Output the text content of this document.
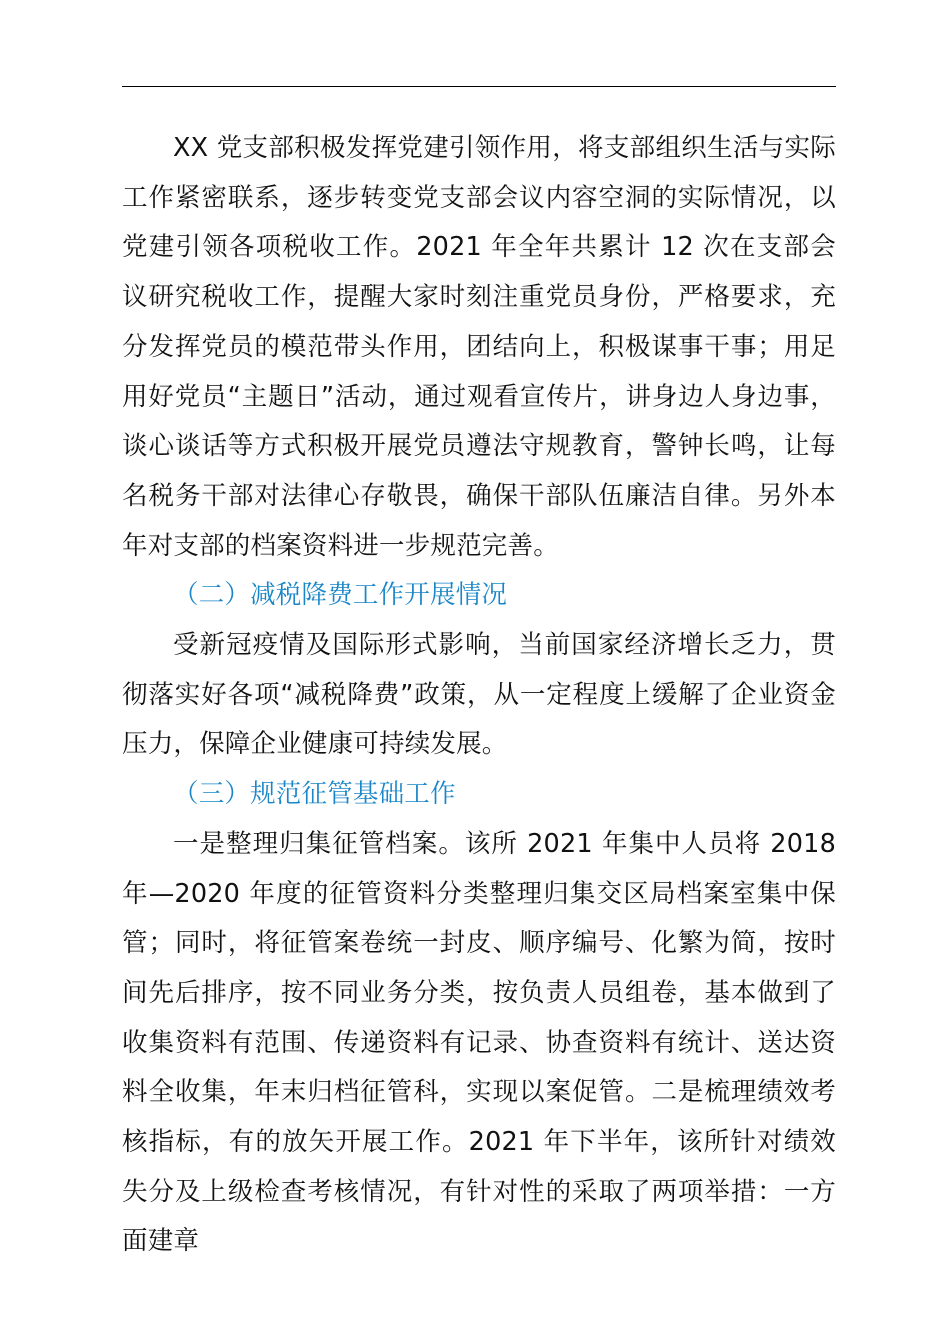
XX 党支部积极发挥党建引领作用，将支部组织生活与实际工作紧密联系，逐步转变党支部会议内容空洞的实际情况，以党建引领各项税收工作。2021 年全年共累计 12 次在支部会议研究税收工作，提醒大家时刻注重党员身份，严格要求，充分发挥党员的模范带头作用，团结向上，积极谋事干事；用足用好党员“主题日”活动，通过观看宣传片，讲身边人身边事，谈心谈话等方式积极开展党员遵法守规教育，警钟长鸣，让每名税务干部对法律心存敬畏，确保干部队伍廉洁自律。另外本年对支部的档案资料进一步规范完善。

（二）减税降费工作开展情况

受新冠疫情及国际形式影响，当前国家经济增长乏力，贯彻落实好各项“减税降费”政策，从一定程度上缓解了企业资金压力，保障企业健康可持续发展。

（三）规范征管基础工作

一是整理归集征管档案。该所 2021 年集中人员将 2018 年—2020 年度的征管资料分类整理归集交区局档案室集中保管；同时，将征管案卷统一封皮、顺序编号、化繁为简，按时间先后排序，按不同业务分类，按负责人员组卷，基本做到了收集资料有范围、传递资料有记录、协查资料有统计、送达资料全收集，年末归档征管科，实现以案促管。二是梳理绩效考核指标，有的放矢开展工作。2021 年下半年，该所针对绩效失分及上级检查考核情况，有针对性的采取了两项举措：一方面建章
